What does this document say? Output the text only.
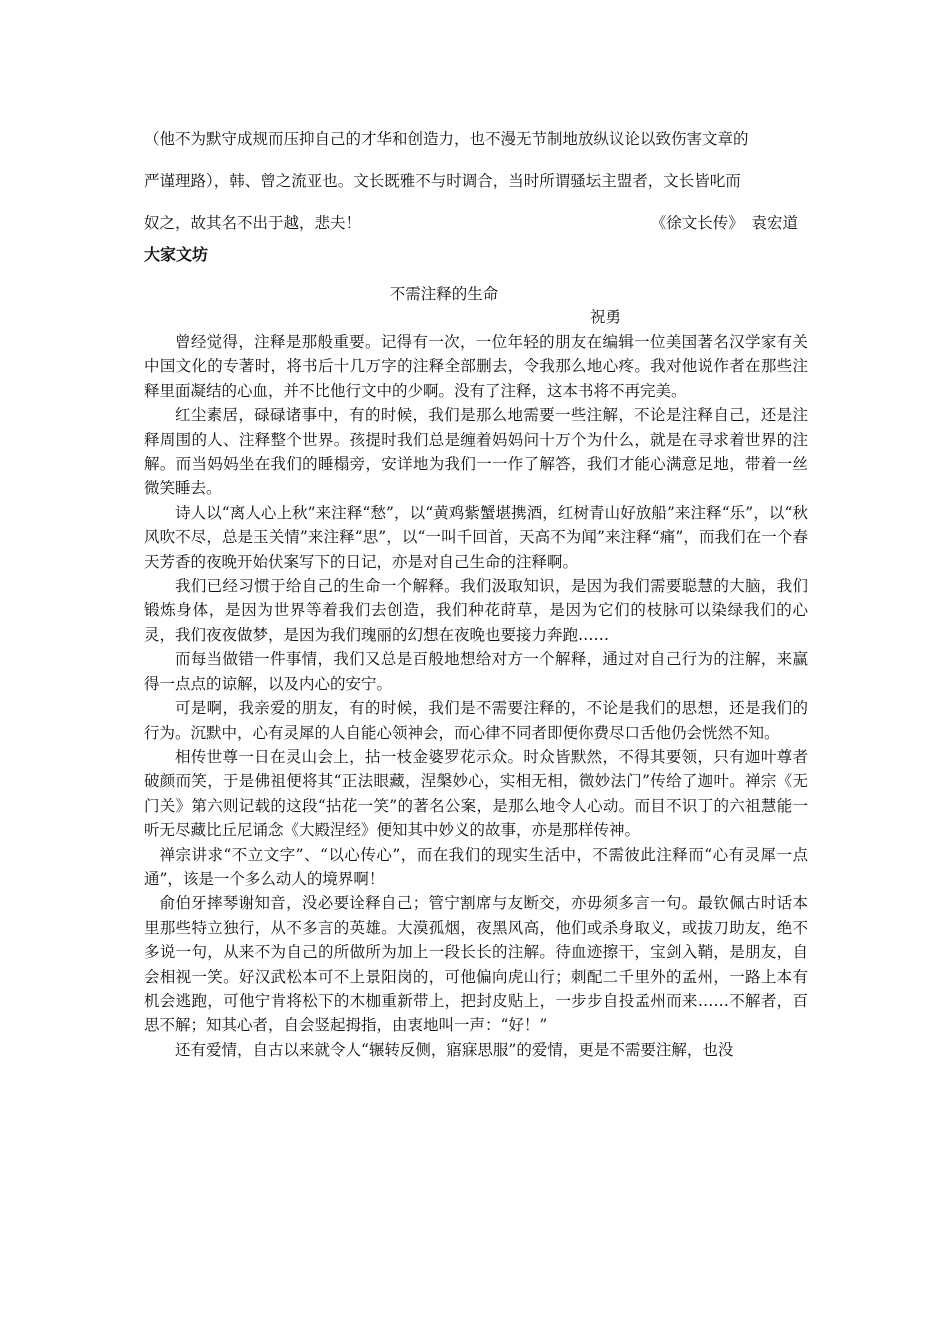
（他不为默守成规而压抑自己的才华和创造力，也不漫无节制地放纵议论以致伤害文章的
严谨理路），韩、曾之流亚也。文长既雅不与时调合，当时所谓骚坛主盟者，文长皆叱而
奴之，故其名不出于越，悲夫！	《徐文长传》　袁宏道
大家文坊
不需注释的生命
祝勇

曾经觉得，注释是那般重要。记得有一次，一位年轻的朋友在编辑一位美国著名汉学家有关中国文化的专著时，将书后十几万字的注释全部删去，令我那么地心疼。我对他说作者在那些注释里面凝结的心血，并不比他行文中的少啊。没有了注释，这本书将不再完美。

红尘素居，碌碌诸事中，有的时候，我们是那么地需要一些注解，不论是注释自己，还是注释周围的人、注释整个世界。孩提时我们总是缠着妈妈问十万个为什么，就是在寻求着世界的注解。而当妈妈坐在我们的睡榻旁，安详地为我们一一作了解答，我们才能心满意足地，带着一丝微笑睡去。

诗人以“离人心上秋”来注释“愁”，以“黄鸡紫蟹堪携酒，红树青山好放船”来注释“乐”，以“秋风吹不尽，总是玉关情”来注释“思”，以“一叫千回首，天高不为闻”来注释“痛”，而我们在一个春天芳香的夜晚开始伏案写下的日记，亦是对自己生命的注释啊。

我们已经习惯于给自己的生命一个解释。我们汲取知识，是因为我们需要聪慧的大脑，我们锻炼身体，是因为世界等着我们去创造，我们种花莳草，是因为它们的枝脉可以染绿我们的心灵，我们夜夜做梦，是因为我们瑰丽的幻想在夜晚也要接力奔跑……

而每当做错一件事情，我们又总是百般地想给对方一个解释，通过对自己行为的注解，来赢得一点点的谅解，以及内心的安宁。

可是啊，我亲爱的朋友，有的时候，我们是不需要注释的，不论是我们的思想，还是我们的行为。沉默中，心有灵犀的人自能心领神会，而心律不同者即便你费尽口舌他仍会恍然不知。

相传世尊一日在灵山会上，拈一枝金婆罗花示众。时众皆默然，不得其要领，只有迦叶尊者破颜而笑，于是佛祖便将其“正法眼藏，涅槃妙心，实相无相，微妙法门”传给了迦叶。禅宗《无门关》第六则记载的这段“拈花一笑”的著名公案，是那么地令人心动。而目不识丁的六祖慧能一听无尽藏比丘尼诵念《大殿涅经》便知其中妙义的故事，亦是那样传神。

禅宗讲求“不立文字”、“以心传心”，而在我们的现实生活中，不需彼此注释而“心有灵犀一点通”，该是一个多么动人的境界啊！

俞伯牙摔琴谢知音，没必要诠释自己；管宁割席与友断交，亦毋须多言一句。最钦佩古时话本里那些特立独行，从不多言的英雄。大漠孤烟，夜黑风高，他们或杀身取义，或拔刀助友，绝不多说一句，从来不为自己的所做所为加上一段长长的注解。待血迹擦干，宝剑入鞘，是朋友，自会相视一笑。好汉武松本可不上景阳岗的，可他偏向虎山行；刺配二千里外的孟州，一路上本有机会逃跑，可他宁肯将松下的木枷重新带上，把封皮贴上，一步步自投孟州而来……不解者，百思不解；知其心者，自会竖起拇指，由衷地叫一声：“好！”

还有爱情，自古以来就令人“辗转反侧，寤寐思服”的爱情，更是不需要注解，也没
